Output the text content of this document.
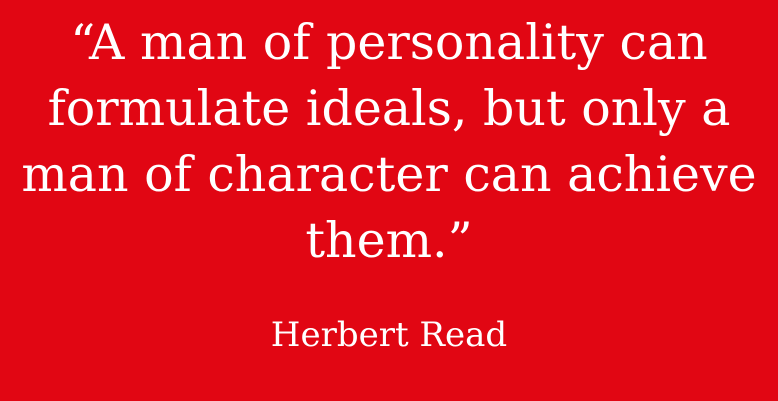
“A man of personality can
formulate ideals, but only a
man of character can achieve
them.”

Herbert Read
